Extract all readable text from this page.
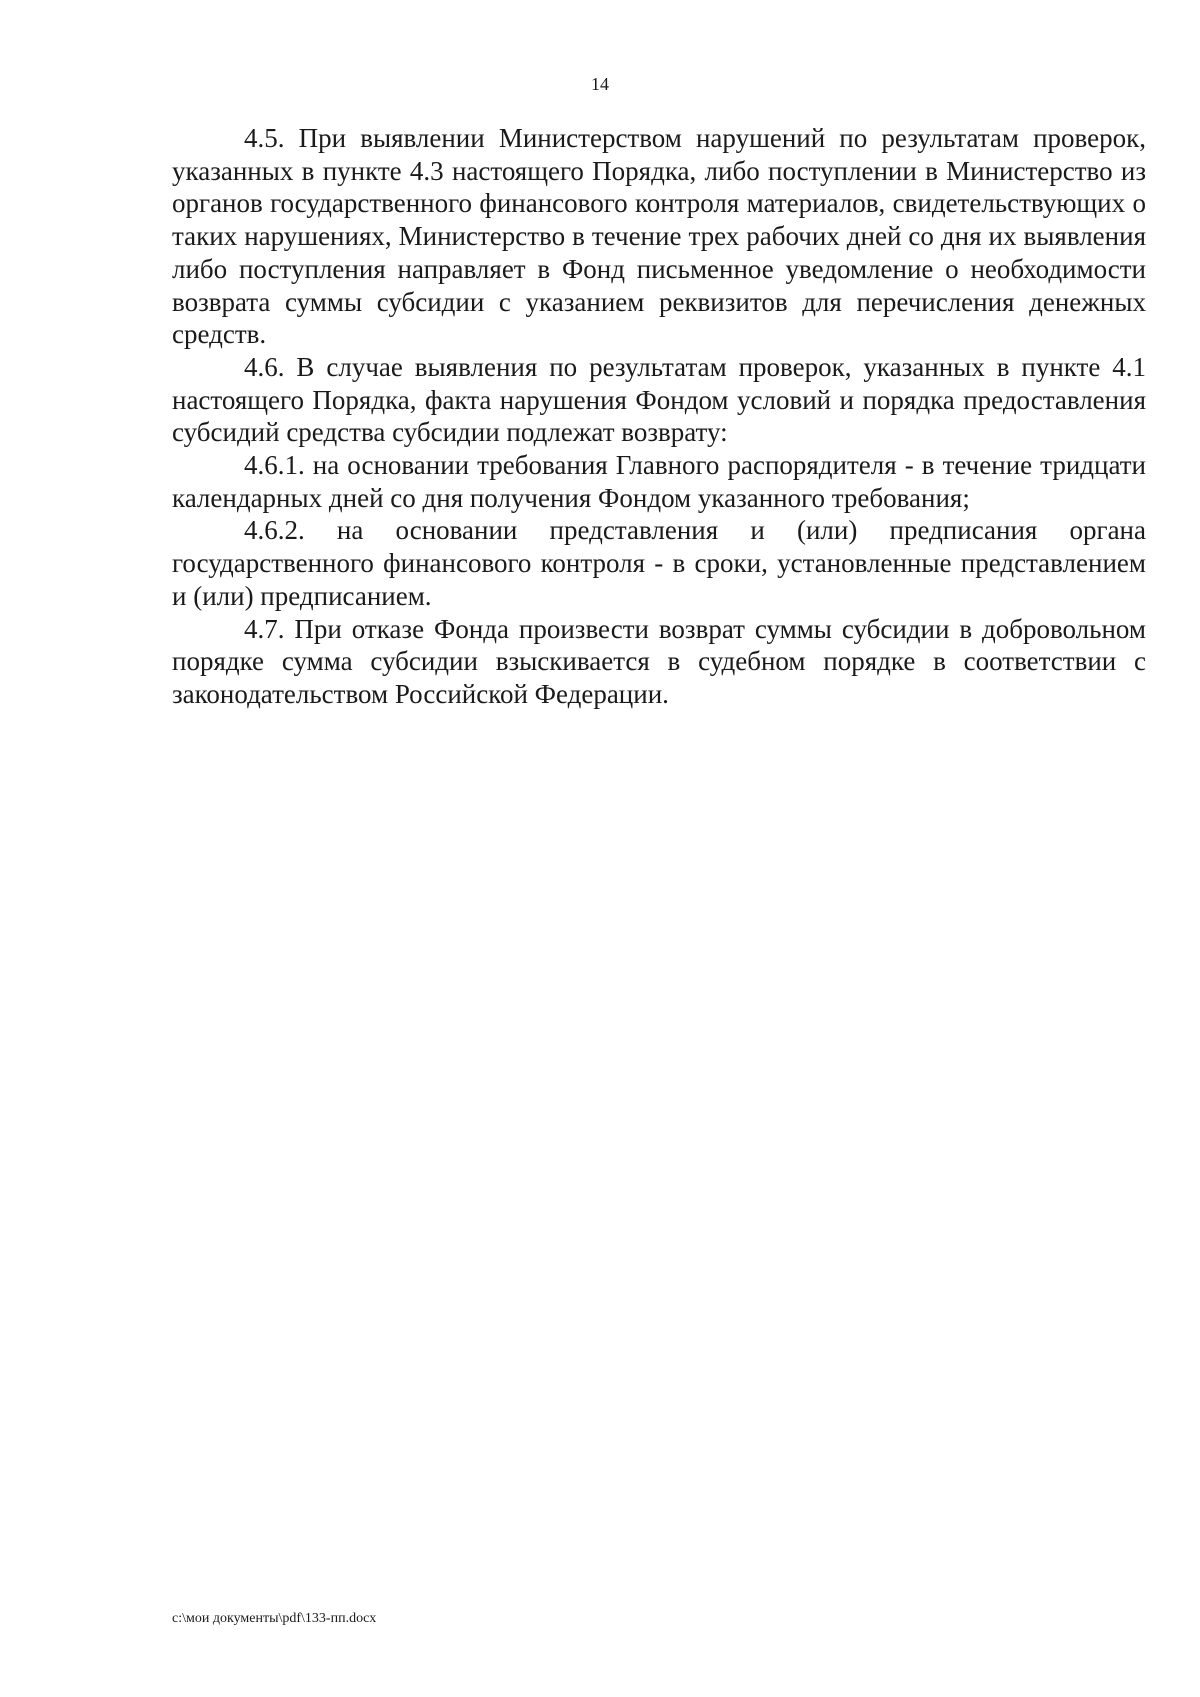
14

4.5. При выявлении Министерством нарушений по результатам проверок, указанных в пункте 4.3 настоящего Порядка, либо поступлении в Министерство из органов государственного финансового контроля материалов, свидетельствующих о таких нарушениях, Министерство в течение трех рабочих дней со дня их выявления либо поступления направляет в Фонд письменное уведомление о необходимости возврата суммы субсидии с указанием реквизитов для перечисления денежных средств.

4.6. В случае выявления по результатам проверок, указанных в пункте 4.1 настоящего Порядка, факта нарушения Фондом условий и порядка предоставления субсидий средства субсидии подлежат возврату:

4.6.1. на основании требования Главного распорядителя - в течение тридцати календарных дней со дня получения Фондом указанного требования;

4.6.2. на основании представления и (или) предписания органа государственного финансового контроля - в сроки, установленные представлением и (или) предписанием.

4.7. При отказе Фонда произвести возврат суммы субсидии в добровольном порядке сумма субсидии взыскивается в судебном порядке в соответствии с законодательством Российской Федерации.

c:\мои документы\pdf\133-пп.docx
